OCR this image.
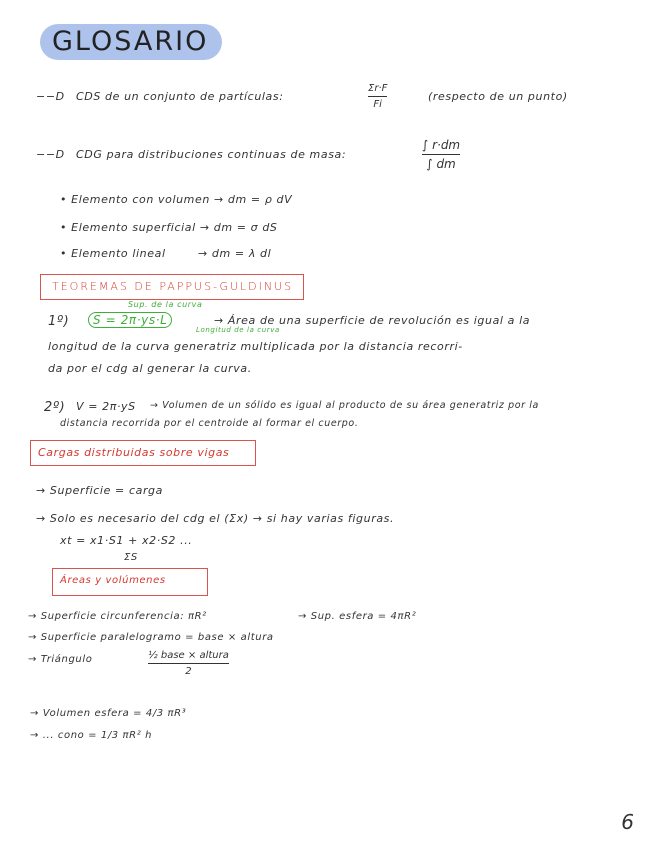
GLOSARIO
−−D CDS de un conjunto de partículas:
Σr·F
Fi
(respecto de un punto)
−−D CDG para distribuciones continuas de masa:
∫ r·dm
∫ dm
• Elemento con volumen → dm = ρ dV
• Elemento superficial → dm = σ dS
• Elemento lineal	→ dm = λ dl
TEOREMAS DE PAPPUS-GULDINUS
Sup. de la curva
Longitud de la curva
1º)	S = 2π·ys·L	→ Área de una superficie de revolución es igual a la
longitud de la curva generatriz multiplicada por la distancia recorri-
da por el cdg al generar la curva.
2º) V = 2π·yS → Volumen de un sólido es igual al producto de su área generatriz por la
distancia recorrida por el centroide al formar el cuerpo.
Cargas distribuidas sobre vigas
→ Superficie = carga
→ Solo es necesario del cdg el (Σx) → si hay varias figuras.
xt = x1·S1 + x2·S2 ...
ΣS
Áreas y volúmenes
→ Superficie circunferencia: πR²	→ Sup. esfera = 4πR²
→ Superficie paralelogramo = base × altura
→ Triángulo	½ base × altura
2
→ Volumen esfera = 4/3 πR³
→ ... cono = 1/3 πR² h
6
